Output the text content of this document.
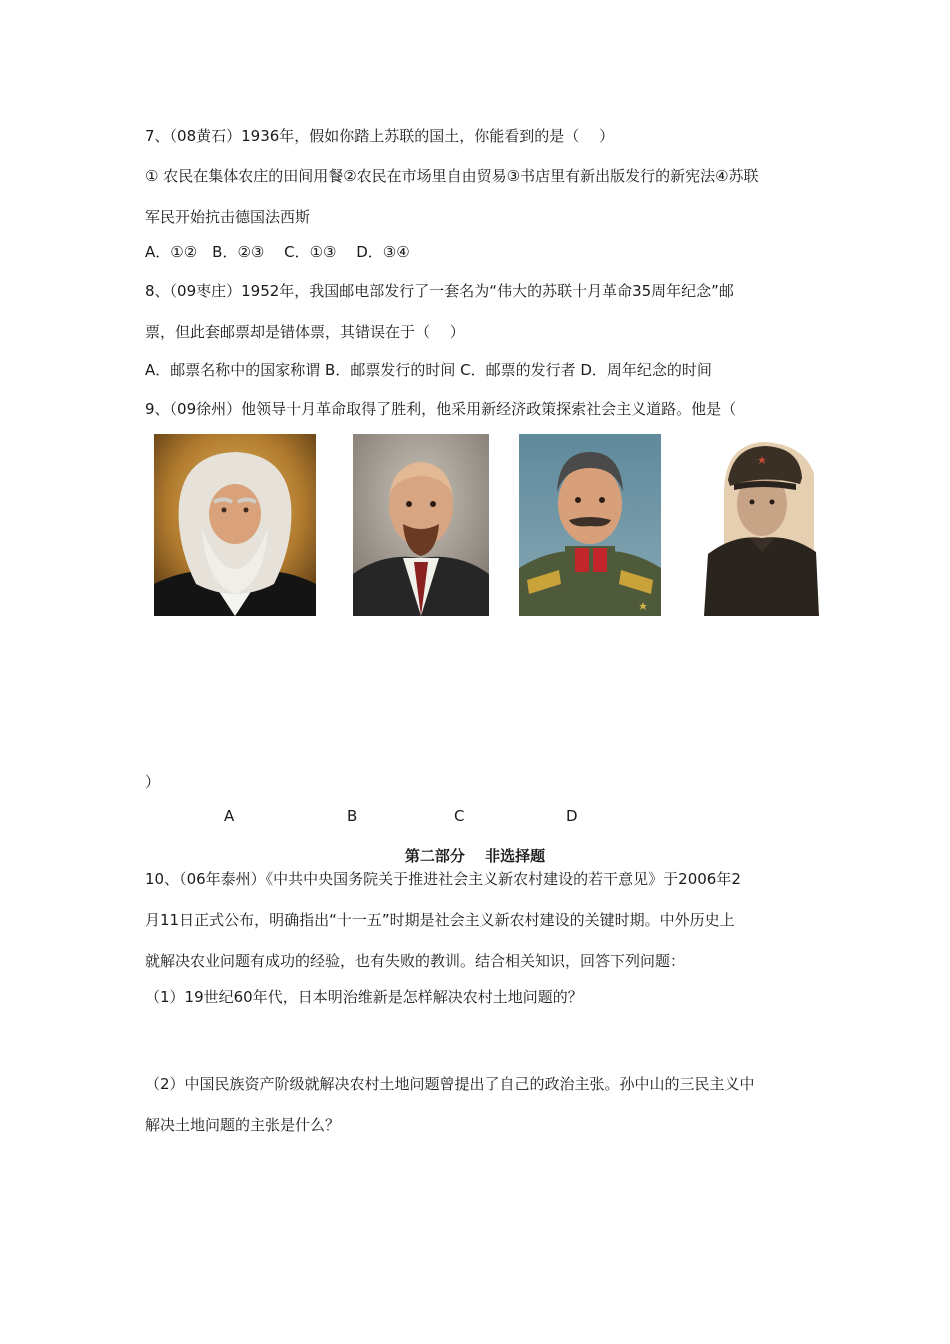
7、（08黄石）1936年，假如你踏上苏联的国土，你能看到的是（　 ）
① 农民在集体农庄的田间用餐②农民在市场里自由贸易③书店里有新出版发行的新宪法④苏联
军民开始抗击德国法西斯
A．①②　B．②③　 C．①③　 D．③④
8、（09枣庄）1952年，我国邮电部发行了一套名为“伟大的苏联十月革命35周年纪念”邮
票，但此套邮票却是错体票，其错误在于（　 ）
A．邮票名称中的国家称谓 B．邮票发行的时间 C．邮票的发行者 D．周年纪念的时间
9、（09徐州）他领导十月革命取得了胜利，他采用新经济政策探索社会主义道路。他是（
）
A	B	C	D
第二部分　 非选择题
10、（06年泰州）《中共中央国务院关于推进社会主义新农村建设的若干意见》于2006年2
月11日正式公布，明确指出“十一五”时期是社会主义新农村建设的关键时期。中外历史上
就解决农业问题有成功的经验，也有失败的教训。结合相关知识，回答下列问题：
（1）19世纪60年代，日本明治维新是怎样解决农村土地问题的？
（2）中国民族资产阶级就解决农村土地问题曾提出了自己的政治主张。孙中山的三民主义中
解决土地问题的主张是什么？
